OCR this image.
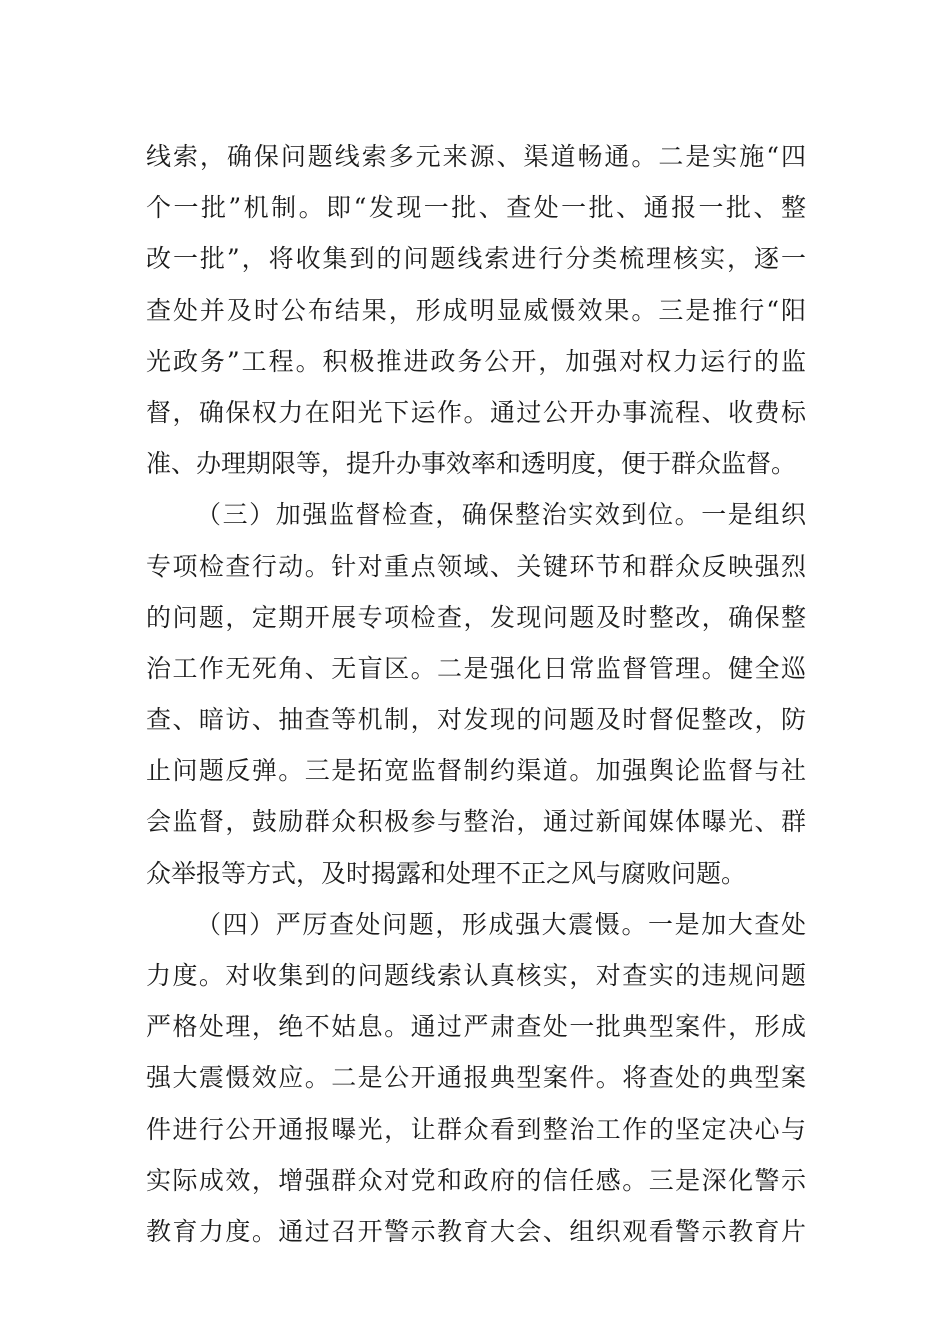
线索，确保问题线索多元来源、渠道畅通。二是实施“四
个一批”机制。即“发现一批、查处一批、通报一批、整
改一批”，将收集到的问题线索进行分类梳理核实，逐一
查处并及时公布结果，形成明显威慑效果。三是推行“阳
光政务”工程。积极推进政务公开，加强对权力运行的监
督，确保权力在阳光下运作。通过公开办事流程、收费标
准、办理期限等，提升办事效率和透明度，便于群众监督。
（三）加强监督检查，确保整治实效到位。一是组织
专项检查行动。针对重点领域、关键环节和群众反映强烈
的问题，定期开展专项检查，发现问题及时整改，确保整
治工作无死角、无盲区。二是强化日常监督管理。健全巡
查、暗访、抽查等机制，对发现的问题及时督促整改，防
止问题反弹。三是拓宽监督制约渠道。加强舆论监督与社
会监督，鼓励群众积极参与整治，通过新闻媒体曝光、群
众举报等方式，及时揭露和处理不正之风与腐败问题。
（四）严厉查处问题，形成强大震慑。一是加大查处
力度。对收集到的问题线索认真核实，对查实的违规问题
严格处理，绝不姑息。通过严肃查处一批典型案件，形成
强大震慑效应。二是公开通报典型案件。将查处的典型案
件进行公开通报曝光，让群众看到整治工作的坚定决心与
实际成效，增强群众对党和政府的信任感。三是深化警示
教育力度。通过召开警示教育大会、组织观看警示教育片
